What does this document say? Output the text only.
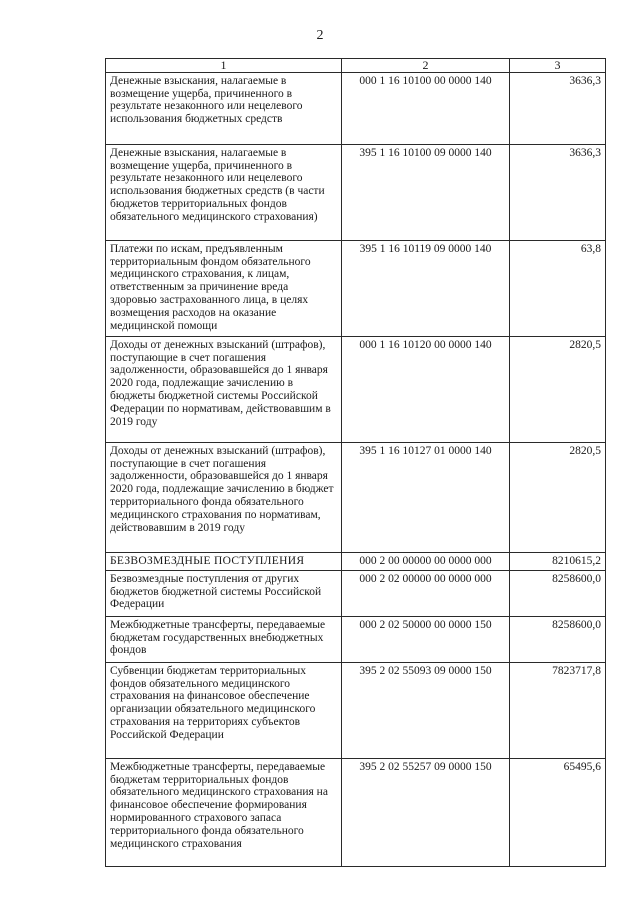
2
1	2	3
Денежные взыскания, налагаемые в возмещение ущерба, причиненного в результате незаконного или нецелевого использования бюджетных средств	000 1 16 10100 00 0000 140	3636,3
Денежные взыскания, налагаемые в возмещение ущерба, причиненного в результате незаконного или нецелевого использования бюджетных средств (в части бюджетов территориальных фондов обязательного медицинского страхования)	395 1 16 10100 09 0000 140	3636,3
Платежи по искам, предъявленным территориальным фондом обязательного медицинского страхования, к лицам, ответственным за причинение вреда здоровью застрахованного лица, в целях возмещения расходов на оказание медицинской помощи	395 1 16 10119 09 0000 140	63,8
Доходы от денежных взысканий (штрафов), поступающие в счет погашения задолженности, образовавшейся до 1 января 2020 года, подлежащие зачислению в бюджеты бюджетной системы Российской Федерации по нормативам, действовавшим в 2019 году	000 1 16 10120 00 0000 140	2820,5
Доходы от денежных взысканий (штрафов), поступающие в счет погашения задолженности, образовавшейся до 1 января 2020 года, подлежащие зачислению в бюджет территориального фонда обязательного медицинского страхования по нормативам, действовавшим в 2019 году	395 1 16 10127 01 0000 140	2820,5
БЕЗВОЗМЕЗДНЫЕ ПОСТУПЛЕНИЯ	000 2 00 00000 00 0000 000	8210615,2
Безвозмездные поступления от других бюджетов бюджетной системы Российской Федерации	000 2 02 00000 00 0000 000	8258600,0
Межбюджетные трансферты, передаваемые бюджетам государственных внебюджетных фондов	000 2 02 50000 00 0000 150	8258600,0
Субвенции бюджетам территориальных фондов обязательного медицинского страхования на финансовое обеспечение организации обязательного медицинского страхования на территориях субъектов Российской Федерации	395 2 02 55093 09 0000 150	7823717,8
Межбюджетные трансферты, передаваемые бюджетам территориальных фондов обязательного медицинского страхования на финансовое обеспечение формирования нормированного страхового запаса территориального фонда обязательного медицинского страхования	395 2 02 55257 09 0000 150	65495,6
